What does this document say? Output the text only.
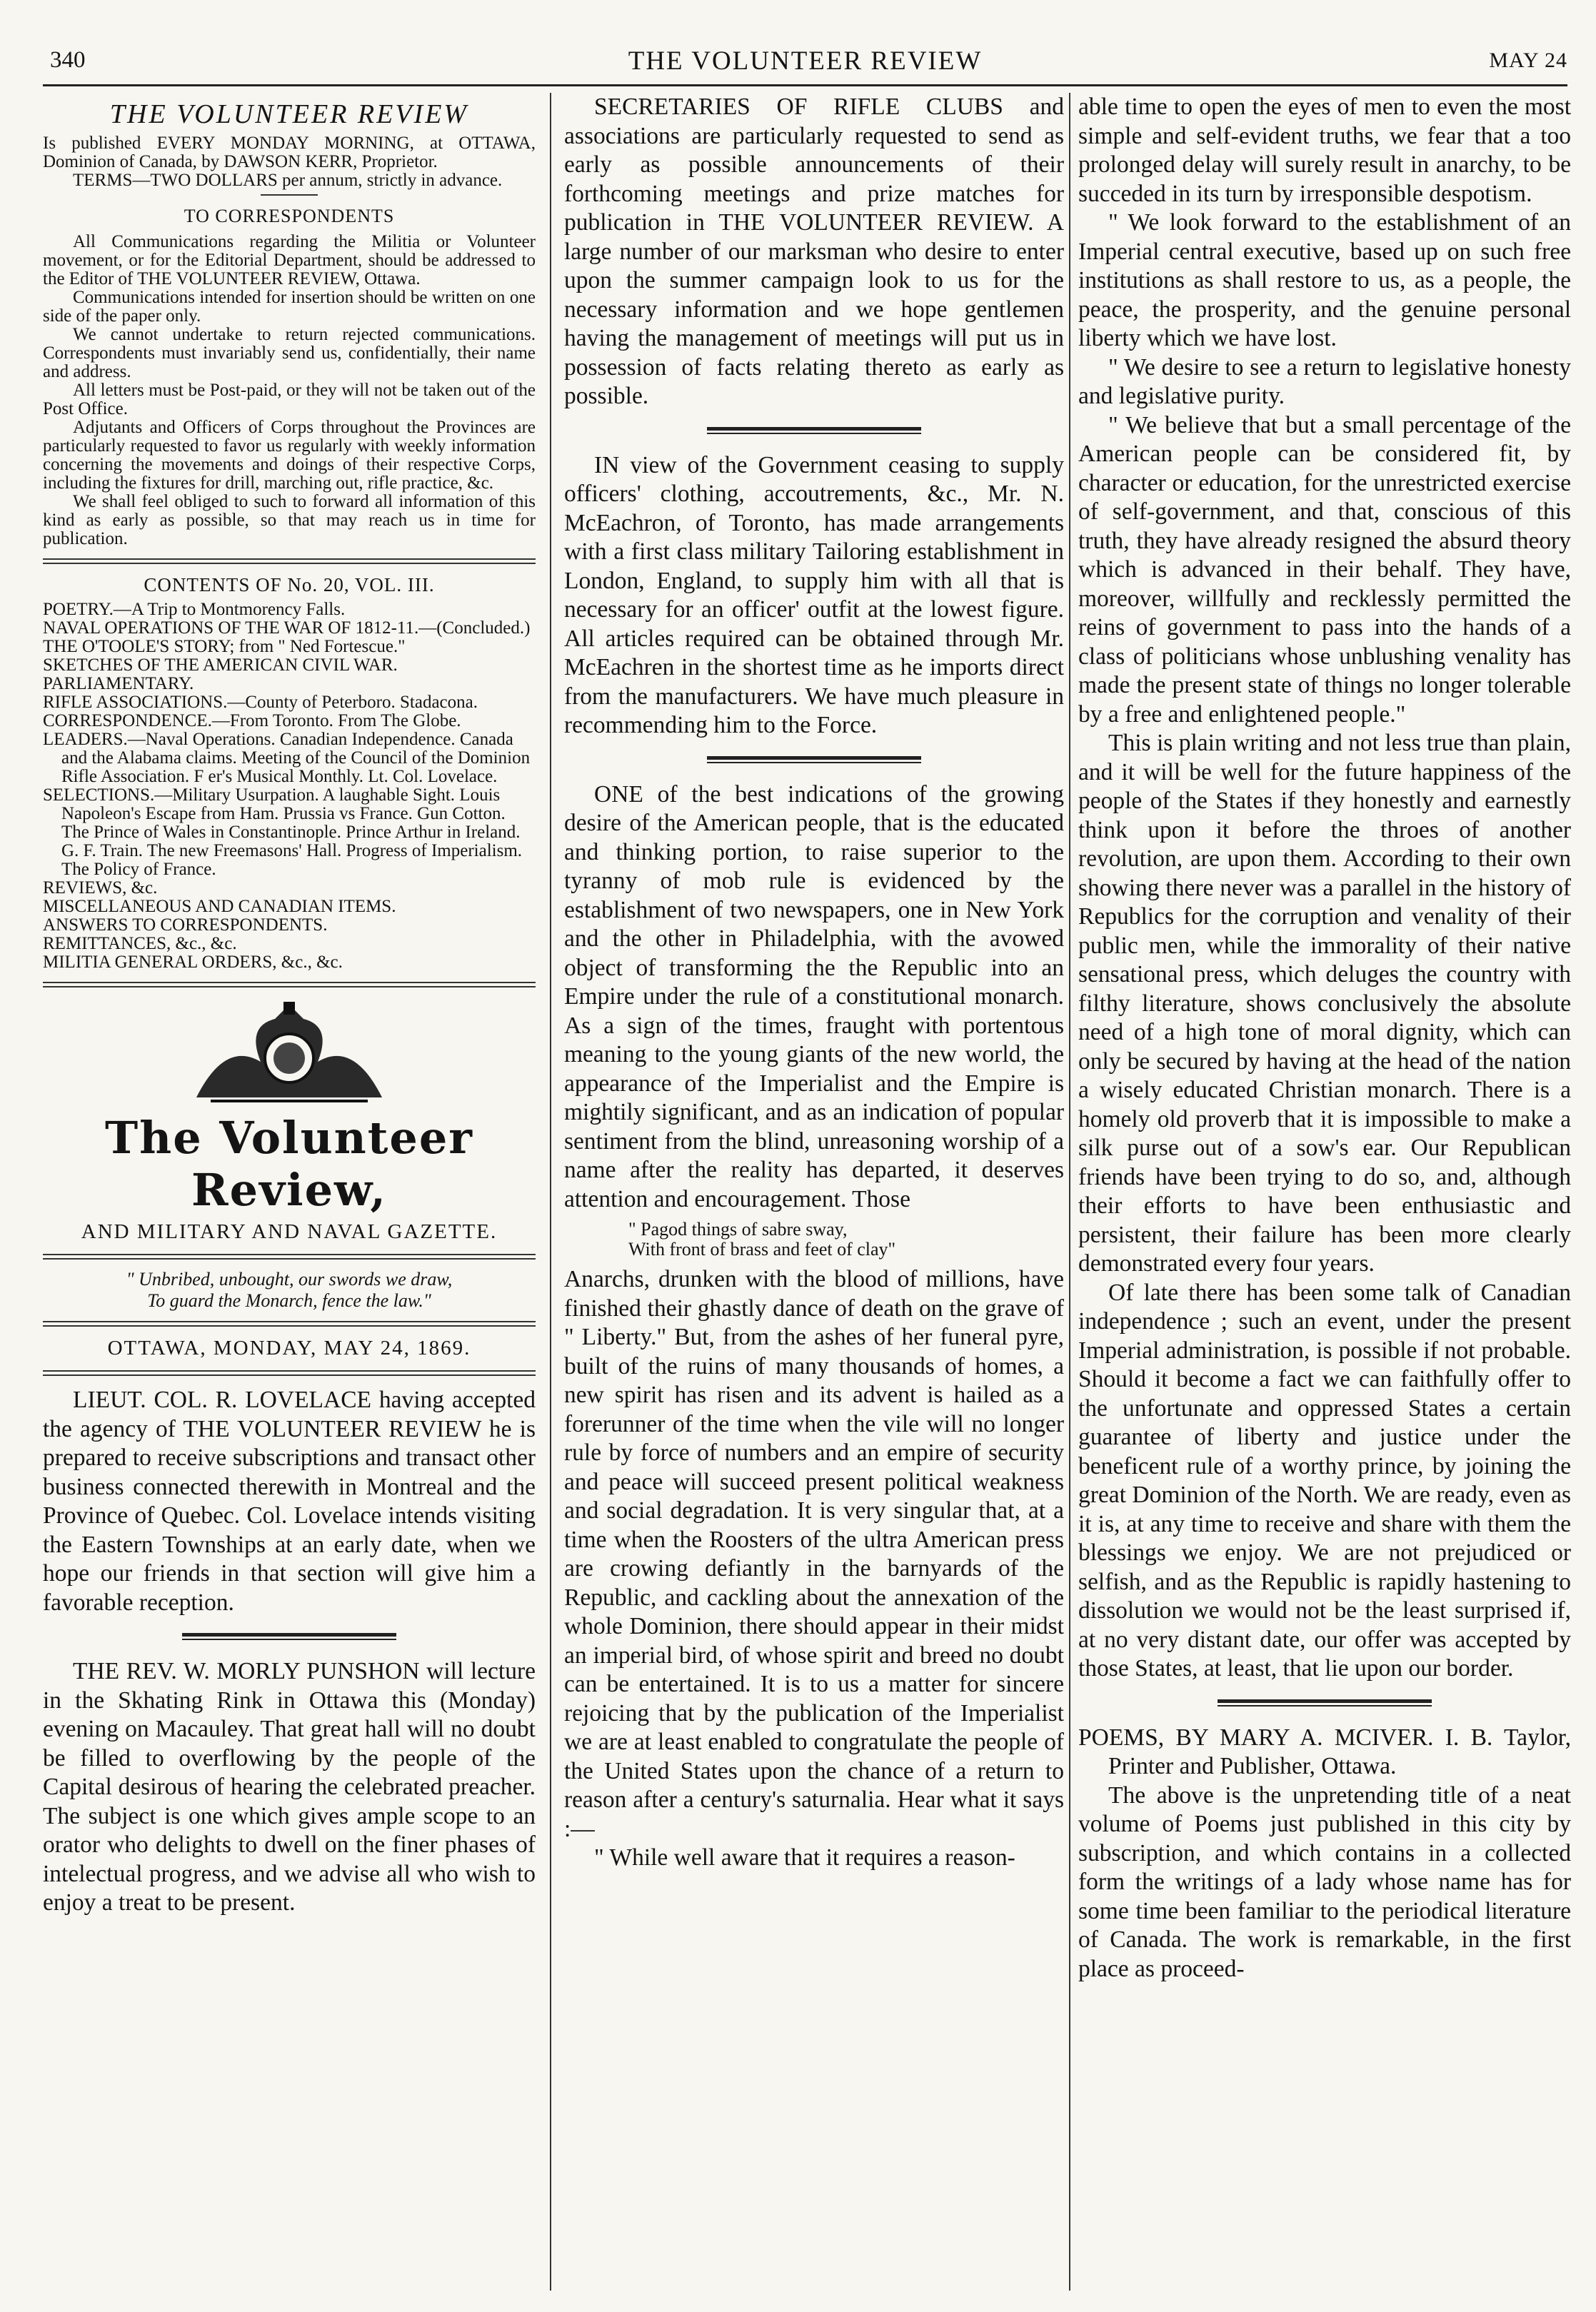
340	THE VOLUNTEER REVIEW	MAY 24
THE VOLUNTEER REVIEW

Is published EVERY MONDAY MORNING, at OTTAWA, Dominion of Canada, by DAWSON KERR, Proprietor.

TERMS—TWO DOLLARS per annum, strictly in advance.

TO CORRESPONDENTS

All Communications regarding the Militia or Volunteer movement, or for the Editorial Department, should be addressed to the Editor of THE VOLUNTEER REVIEW, Ottawa.

Communications intended for insertion should be written on one side of the paper only.

We cannot undertake to return rejected communications. Correspondents must invariably send us, confidentially, their name and address.

All letters must be Post-paid, or they will not be taken out of the Post Office.

Adjutants and Officers of Corps throughout the Provinces are particularly requested to favor us regularly with weekly information concerning the movements and doings of their respective Corps, including the fixtures for drill, marching out, rifle practice, &c.

We shall feel obliged to such to forward all information of this kind as early as possible, so that may reach us in time for publication.

CONTENTS OF No. 20, VOL. III.

POETRY.—A Trip to Montmorency Falls.

NAVAL OPERATIONS OF THE WAR OF 1812-11.—(Concluded.)

THE O'TOOLE'S STORY; from " Ned Fortescue."

SKETCHES OF THE AMERICAN CIVIL WAR.

PARLIAMENTARY.

RIFLE ASSOCIATIONS.—County of Peterboro. Stadacona.

CORRESPONDENCE.—From Toronto. From The Globe.

LEADERS.—Naval Operations. Canadian Independence. Canada and the Alabama claims. Meeting of the Council of the Dominion Rifle Association. F er's Musical Monthly. Lt. Col. Lovelace.

SELECTIONS.—Military Usurpation. A laughable Sight. Louis Napoleon's Escape from Ham. Prussia vs France. Gun Cotton. The Prince of Wales in Constantinople. Prince Arthur in Ireland. G. F. Train. The new Freemasons' Hall. Progress of Imperialism. The Policy of France.

REVIEWS, &c.

MISCELLANEOUS AND CANADIAN ITEMS.

ANSWERS TO CORRESPONDENTS.

REMITTANCES, &c., &c.

MILITIA GENERAL ORDERS, &c., &c.

The Volunteer Review,
AND MILITARY AND NAVAL GAZETTE.
" Unbribed, unbought, our swords we draw,
To guard the Monarch, fence the law."
OTTAWA, MONDAY, MAY 24, 1869.

LIEUT. COL. R. LOVELACE having accepted the agency of THE VOLUNTEER REVIEW he is prepared to receive subscriptions and transact other business connected therewith in Montreal and the Province of Quebec. Col. Lovelace intends visiting the Eastern Townships at an early date, when we hope our friends in that section will give him a favorable reception.

THE REV. W. MORLY PUNSHON will lecture in the Skhating Rink in Ottawa this (Monday) evening on Macauley. That great hall will no doubt be filled to overflowing by the people of the Capital desirous of hearing the celebrated preacher. The subject is one which gives ample scope to an orator who delights to dwell on the finer phases of intelectual progress, and we advise all who wish to enjoy a treat to be present.

SECRETARIES OF RIFLE CLUBS and associations are particularly requested to send as early as possible announcements of their forthcoming meetings and prize matches for publication in THE VOLUNTEER REVIEW. A large number of our marksman who desire to enter upon the summer campaign look to us for the necessary information and we hope gentlemen having the management of meetings will put us in possession of facts relating thereto as early as possible.

IN view of the Government ceasing to supply officers' clothing, accoutrements, &c., Mr. N. McEachron, of Toronto, has made arrangements with a first class military Tailoring establishment in London, England, to supply him with all that is necessary for an officer' outfit at the lowest figure. All articles required can be obtained through Mr. McEachren in the shortest time as he imports direct from the manufacturers. We have much pleasure in recommending him to the Force.

ONE of the best indications of the growing desire of the American people, that is the educated and thinking portion, to raise superior to the tyranny of mob rule is evidenced by the establishment of two newspapers, one in New York and the other in Philadelphia, with the avowed object of transforming the the Republic into an Empire under the rule of a constitutional monarch. As a sign of the times, fraught with portentous meaning to the young giants of the new world, the appearance of the Imperialist and the Empire is mightily significant, and as an indication of popular sentiment from the blind, unreasoning worship of a name after the reality has departed, it deserves attention and encouragement. Those

" Pagod things of sabre sway,
With front of brass and feet of clay"

Anarchs, drunken with the blood of millions, have finished their ghastly dance of death on the grave of " Liberty." But, from the ashes of her funeral pyre, built of the ruins of many thousands of homes, a new spirit has risen and its advent is hailed as a forerunner of the time when the vile will no longer rule by force of numbers and an empire of security and peace will succeed present political weakness and social degradation. It is very singular that, at a time when the Roosters of the ultra American press are crowing defiantly in the barnyards of the Republic, and cackling about the annexation of the whole Dominion, there should appear in their midst an imperial bird, of whose spirit and breed no doubt can be entertained. It is to us a matter for sincere rejoicing that by the publication of the Imperialist we are at least enabled to congratulate the people of the United States upon the chance of a return to reason after a century's saturnalia. Hear what it says :—

" While well aware that it requires a reason-

able time to open the eyes of men to even the most simple and self-evident truths, we fear that a too prolonged delay will surely result in anarchy, to be succeded in its turn by irresponsible despotism.

" We look forward to the establishment of an Imperial central executive, based up on such free institutions as shall restore to us, as a people, the peace, the prosperity, and the genuine personal liberty which we have lost.

" We desire to see a return to legislative honesty and legislative purity.

" We believe that but a small percentage of the American people can be considered fit, by character or education, for the unrestricted exercise of self-government, and that, conscious of this truth, they have already resigned the absurd theory which is advanced in their behalf. They have, moreover, willfully and recklessly permitted the reins of government to pass into the hands of a class of politicians whose unblushing venality has made the present state of things no longer tolerable by a free and enlightened people."

This is plain writing and not less true than plain, and it will be well for the future happiness of the people of the States if they honestly and earnestly think upon it before the throes of another revolution, are upon them. According to their own showing there never was a parallel in the history of Republics for the corruption and venality of their public men, while the immorality of their native sensational press, which deluges the country with filthy literature, shows conclusively the absolute need of a high tone of moral dignity, which can only be secured by having at the head of the nation a wisely educated Christian monarch. There is a homely old proverb that it is impossible to make a silk purse out of a sow's ear. Our Republican friends have been trying to do so, and, although their efforts to have been enthusiastic and persistent, their failure has been more clearly demonstrated every four years.

Of late there has been some talk of Canadian independence ; such an event, under the present Imperial administration, is possible if not probable. Should it become a fact we can faithfully offer to the unfortunate and oppressed States a certain guarantee of liberty and justice under the beneficent rule of a worthy prince, by joining the great Dominion of the North. We are ready, even as it is, at any time to receive and share with them the blessings we enjoy. We are not prejudiced or selfish, and as the Republic is rapidly hastening to dissolution we would not be the least surprised if, at no very distant date, our offer was accepted by those States, at least, that lie upon our border.

POEMS, BY MARY A. MCIVER. I. B. Taylor, Printer and Publisher, Ottawa.

The above is the unpretending title of a neat volume of Poems just published in this city by subscription, and which contains in a collected form the writings of a lady whose name has for some time been familiar to the periodical literature of Canada. The work is remarkable, in the first place as proceed-
